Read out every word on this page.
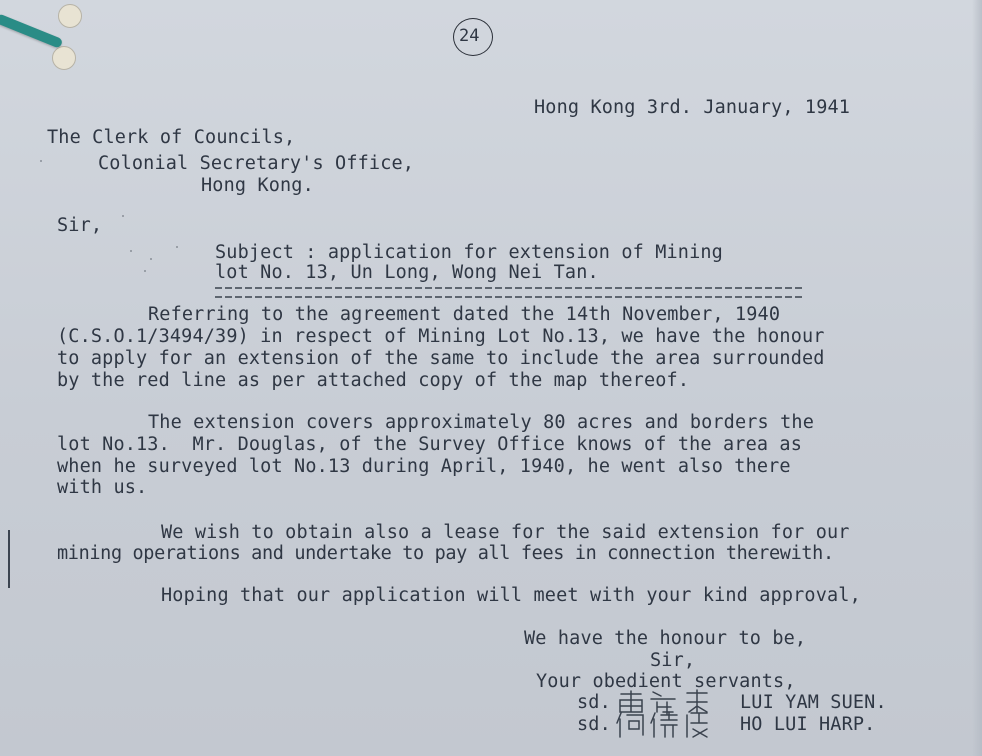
24
Hong Kong 3rd. January, 1941
The Clerk of Councils,
Colonial Secretary's Office,
Hong Kong.
Sir,
Subject : application for extension of Mining
lot No. 13, Un Long, Wong Nei Tan.
Referring to the agreement dated the 14th November, 1940
(C.S.O.1/3494/39) in respect of Mining Lot No.13, we have the honour
to apply for an extension of the same to include the area surrounded
by the red line as per attached copy of the map thereof.
The extension covers approximately 80 acres and borders the
lot No.13.  Mr. Douglas, of the Survey Office knows of the area as
when he surveyed lot No.13 during April, 1940, he went also there
with us.
We wish to obtain also a lease for the said extension for our
mining operations and undertake to pay all fees in connection therewith.
Hoping that our application will meet with your kind approval,
We have the honour to be,
Sir,
Your obedient servants,
sd.	LUI YAM SUEN.
sd.	HO LUI HARP.
